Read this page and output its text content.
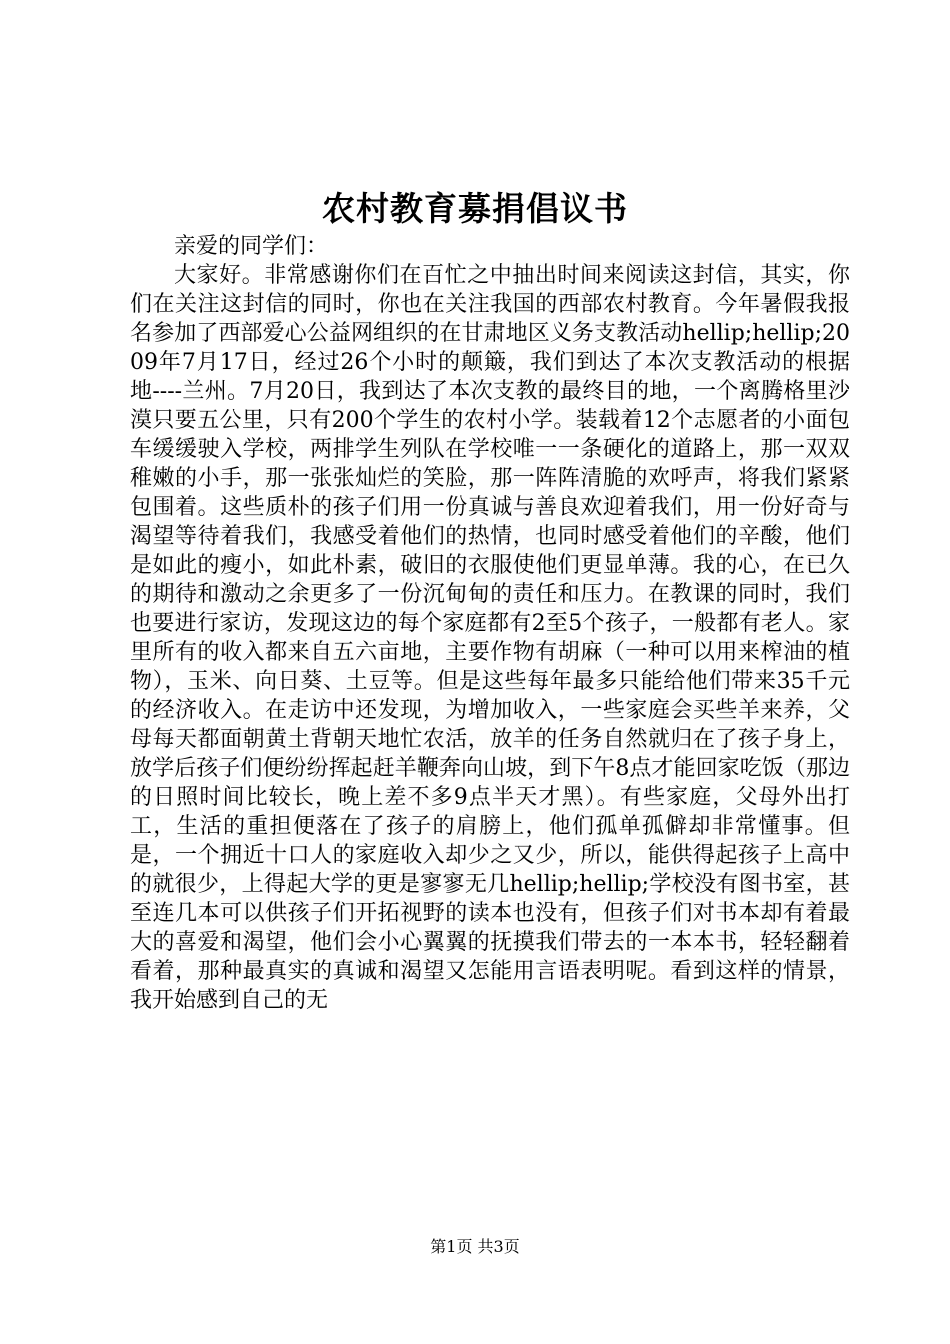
农村教育募捐倡议书

亲爱的同学们：

大家好。非常感谢你们在百忙之中抽出时间来阅读这封信，其实，你们在关注这封信的同时，你也在关注我国的西部农村教育。今年暑假我报名参加了西部爱心公益网组织的在甘肃地区义务支教活动hellip;hellip;2009年7月17日，经过26个小时的颠簸，我们到达了本次支教活动的根据地----兰州。7月20日，我到达了本次支教的最终目的地，一个离腾格里沙漠只要五公里，只有200个学生的农村小学。装载着12个志愿者的小面包车缓缓驶入学校，两排学生列队在学校唯一一条硬化的道路上，那一双双稚嫩的小手，那一张张灿烂的笑脸，那一阵阵清脆的欢呼声，将我们紧紧包围着。这些质朴的孩子们用一份真诚与善良欢迎着我们，用一份好奇与渴望等待着我们，我感受着他们的热情，也同时感受着他们的辛酸，他们是如此的瘦小，如此朴素，破旧的衣服使他们更显单薄。我的心，在已久的期待和激动之余更多了一份沉甸甸的责任和压力。在教课的同时，我们也要进行家访，发现这边的每个家庭都有2至5个孩子，一般都有老人。家里所有的收入都来自五六亩地，主要作物有胡麻（一种可以用来榨油的植物），玉米、向日葵、土豆等。但是这些每年最多只能给他们带来35千元的经济收入。在走访中还发现，为增加收入，一些家庭会买些羊来养，父母每天都面朝黄土背朝天地忙农活，放羊的任务自然就归在了孩子身上，放学后孩子们便纷纷挥起赶羊鞭奔向山坡，到下午8点才能回家吃饭（那边的日照时间比较长，晚上差不多9点半天才黑）。有些家庭，父母外出打工，生活的重担便落在了孩子的肩膀上，他们孤单孤僻却非常懂事。但是，一个拥近十口人的家庭收入却少之又少，所以，能供得起孩子上高中的就很少，上得起大学的更是寥寥无几hellip;hellip;学校没有图书室，甚至连几本可以供孩子们开拓视野的读本也没有，但孩子们对书本却有着最大的喜爱和渴望，他们会小心翼翼的抚摸我们带去的一本本书，轻轻翻着看着，那种最真实的真诚和渴望又怎能用言语表明呢。看到这样的情景，我开始感到自己的无

第1页 共3页
